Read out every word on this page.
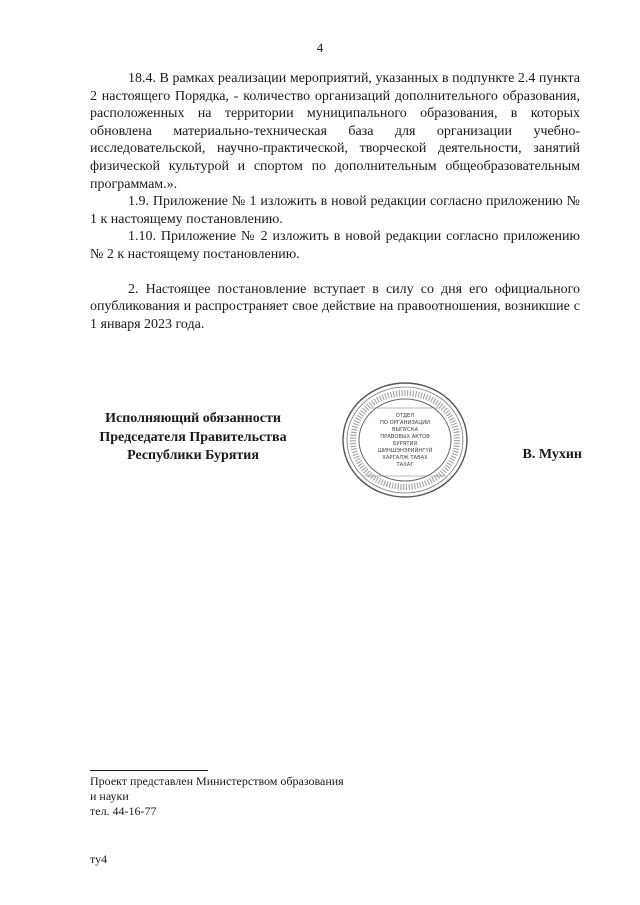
4

18.4. В рамках реализации мероприятий, указанных в подпункте 2.4 пункта 2 настоящего Порядка, - количество организаций дополнительного образования, расположенных на территории муниципального образования, в которых обновлена материально-техническая база для организации учебно-исследовательской, научно-практической, творческой деятельности, занятий физической культурой и спортом по дополнительным общеобразовательным программам.».

1.9. Приложение № 1 изложить в новой редакции согласно приложению № 1 к настоящему постановлению.

1.10. Приложение № 2 изложить в новой редакции согласно приложению № 2 к настоящему постановлению.

2. Настоящее постановление вступает в силу со дня его официального опубликования и распространяет свое действие на правоотношения, возникшие с 1 января 2023 года.

Исполняющий обязанности
Председателя Правительства
Республики Бурятия
ОТДЕЛ
ПО ОРГАНИЗАЦИИ
ВЫПУСКА
ПРАВОВЫХ АКТОВ
БУРЯТИЯ
ШИНШЭНЭРИЙНГҮЙ
ХАРГАЛЖ ТАВАХ
ТАХАГ
В. Мухин
Проект представлен Министерством образования
и науки
тел. 44-16-77
ту4
